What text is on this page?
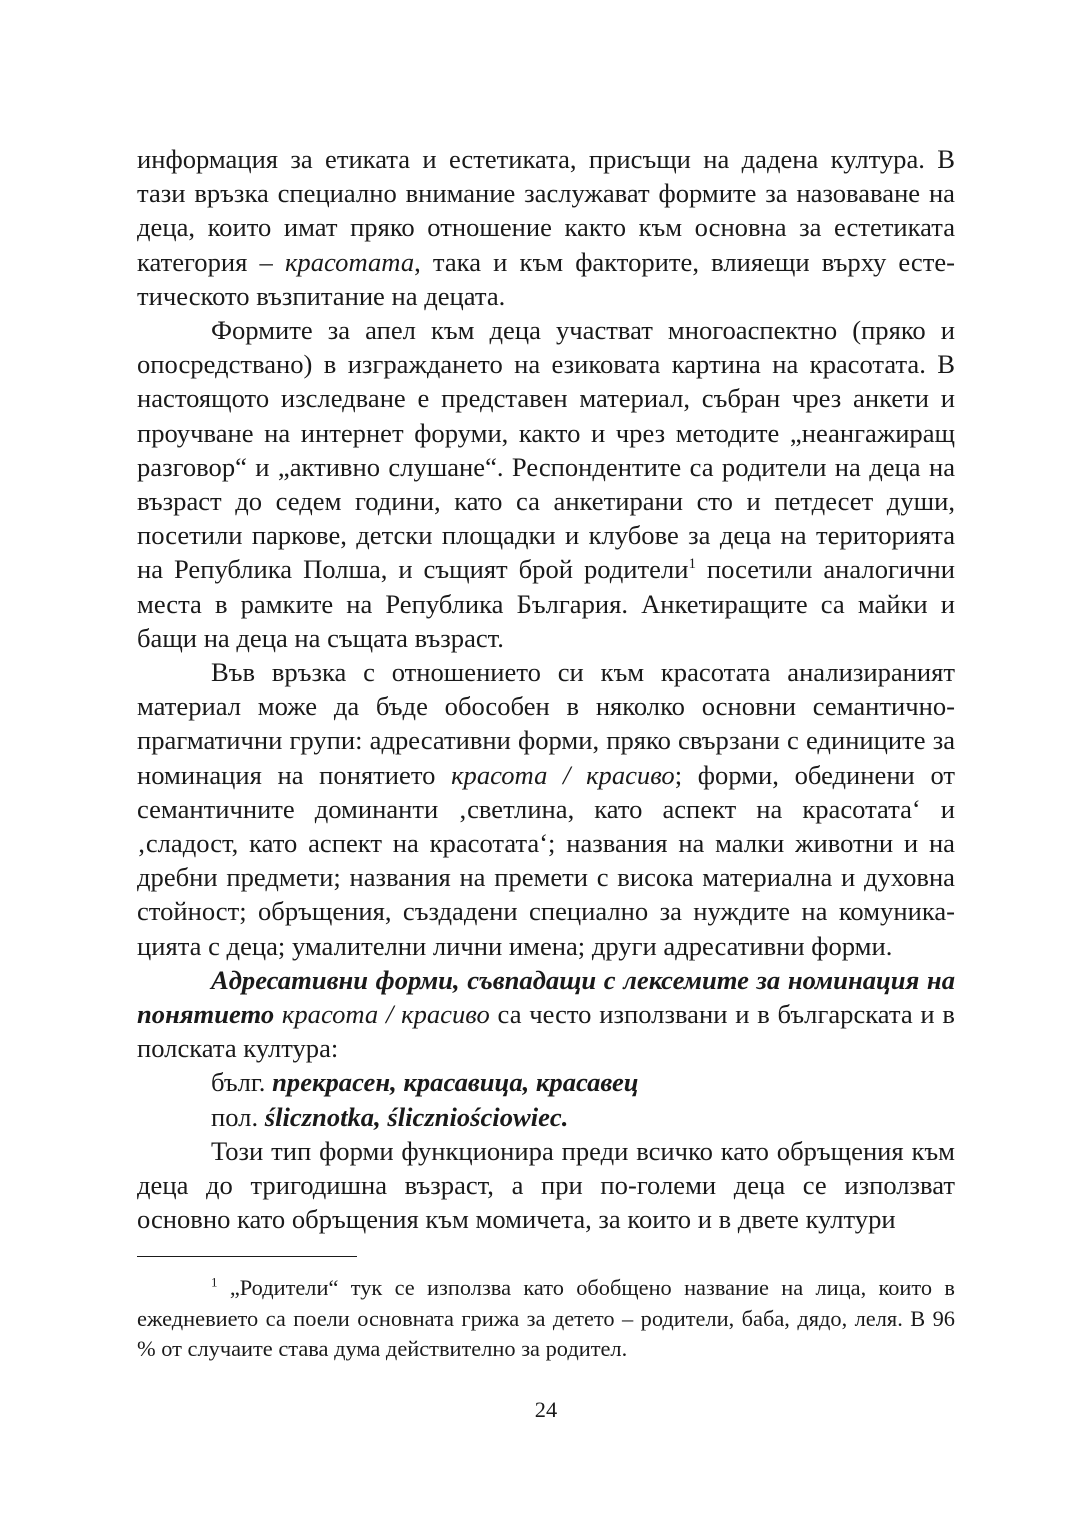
информация за етиката и естетиката, присъщи на дадена култура. В тази връзка специално внимание заслужават формите за назоваване на деца, които имат пряко отношение както към основна за естетиката категория – красотата, така и към факторите, влияещи върху естетическото възпитание на децата.

Формите за апел към деца участват многоаспектно (пряко и опосредствано) в изграждането на езиковата картина на красотата. В настоящото изследване е представен материал, събран чрез анкети и проучване на интернет форуми, както и чрез методите „неангажиращ разговор“ и „активно слушане“. Респондентите са родители на деца на възраст до седем години, като са анкетирани сто и петдесет души, посетили паркове, детски площадки и клубове за деца на територията на Република Полша, и същият брой родители$^1$ посетили аналогични места в рамките на Република България. Анкетиращите са майки и бащи на деца на същата възраст.

Във връзка с отношението си към красотата анализираният материал може да бъде обособен в няколко основни семантично-прагматични групи: адресативни форми, пряко свързани с единиците за номинация на понятието красота / красиво; форми, обединени от семантичните доминанти ‚светлина, като аспект на красотата‘ и ‚сладост, като аспект на красотата‘; названия на малки животни и на дребни предмети; названия на премети с висока материална и духовна стойност; обръщения, създадени специално за нуждите на комуникацията с деца; умалителни лични имена; други адресативни форми.

Адресативни форми, съвпадащи с лексемите за номинация на понятието красота / красиво са често използвани и в българската и в полската култура:

бълг. прекрасен, красавица, красавец

пол. ślicznotka, śliczniościowiec.

Този тип форми функционира преди всичко като обръщения към деца до тригодишна възраст, а при по-големи деца се използват основно като обръщения към момичета, за които и в двете култури

$^1$ „Родители“ тук се използва като обобщено название на лица, които в ежедневието са поели основната грижа за детето – родители, баба, дядо, леля. В 96 % от случаите става дума действително за родител.

24
